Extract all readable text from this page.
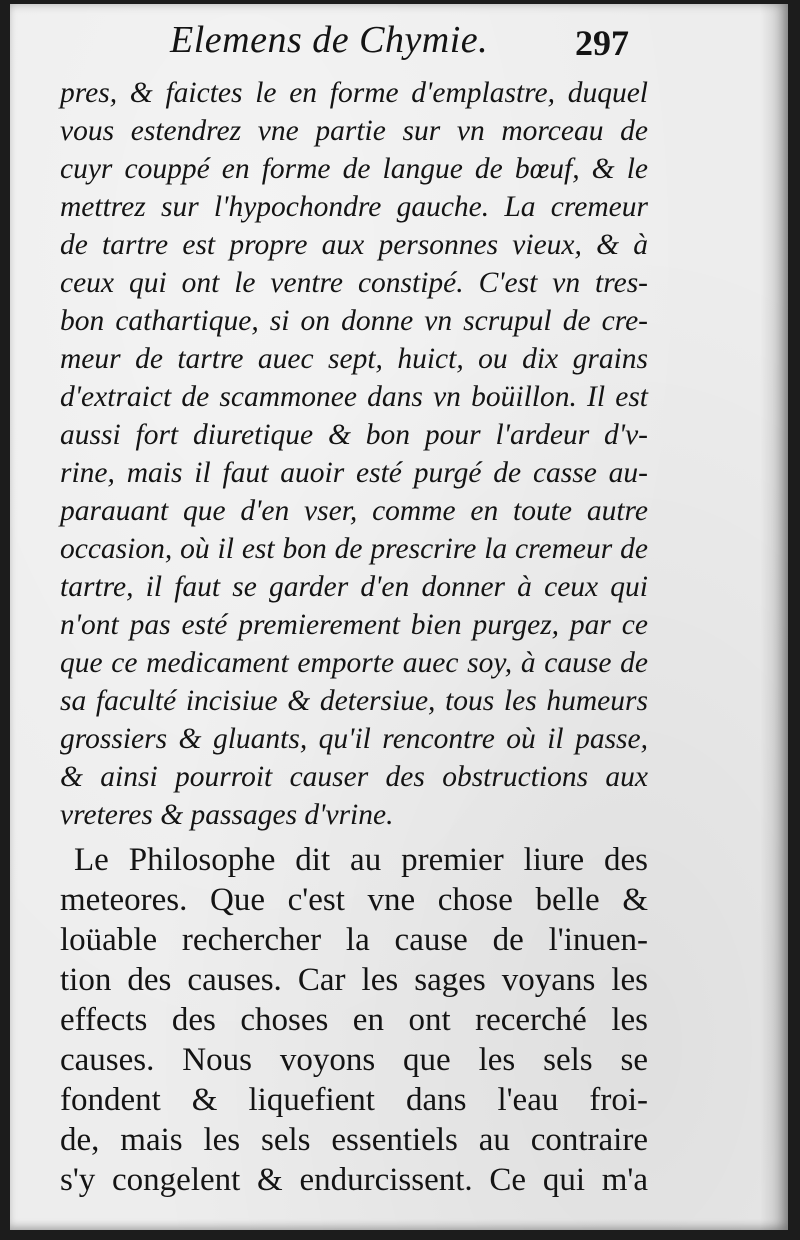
Elemens de Chymie. 297
pres, & faictes le en forme d'emplastre, duquel
vous estendrez vne partie sur vn morceau de
cuyr couppé en forme de langue de bœuf, & le
mettrez sur l'hypochondre gauche. La cremeur
de tartre est propre aux personnes vieux, & à
ceux qui ont le ventre constipé. C'est vn tres-
bon cathartique, si on donne vn scrupul de cre-
meur de tartre auec sept, huict, ou dix grains
d'extraict de scammonee dans vn boüillon. Il est
aussi fort diuretique & bon pour l'ardeur d'v-
rine, mais il faut auoir esté purgé de casse au-
parauant que d'en vser, comme en toute autre
occasion, où il est bon de prescrire la cremeur de
tartre, il faut se garder d'en donner à ceux qui
n'ont pas esté premierement bien purgez, par ce
que ce medicament emporte auec soy, à cause de
sa faculté incisiue & detersiue, tous les humeurs
grossiers & gluants, qu'il rencontre où il passe,
& ainsi pourroit causer des obstructions aux
vreteres & passages d'vrine.
Le Philosophe dit au premier liure des
meteores. Que c'est vne chose belle &
loüable rechercher la cause de l'inuen-
tion des causes. Car les sages voyans les
effects des choses en ont recerché les
causes. Nous voyons que les sels se
fondent & liquefient dans l'eau froi-
de, mais les sels essentiels au contraire
s'y congelent & endurcissent. Ce qui m'a
